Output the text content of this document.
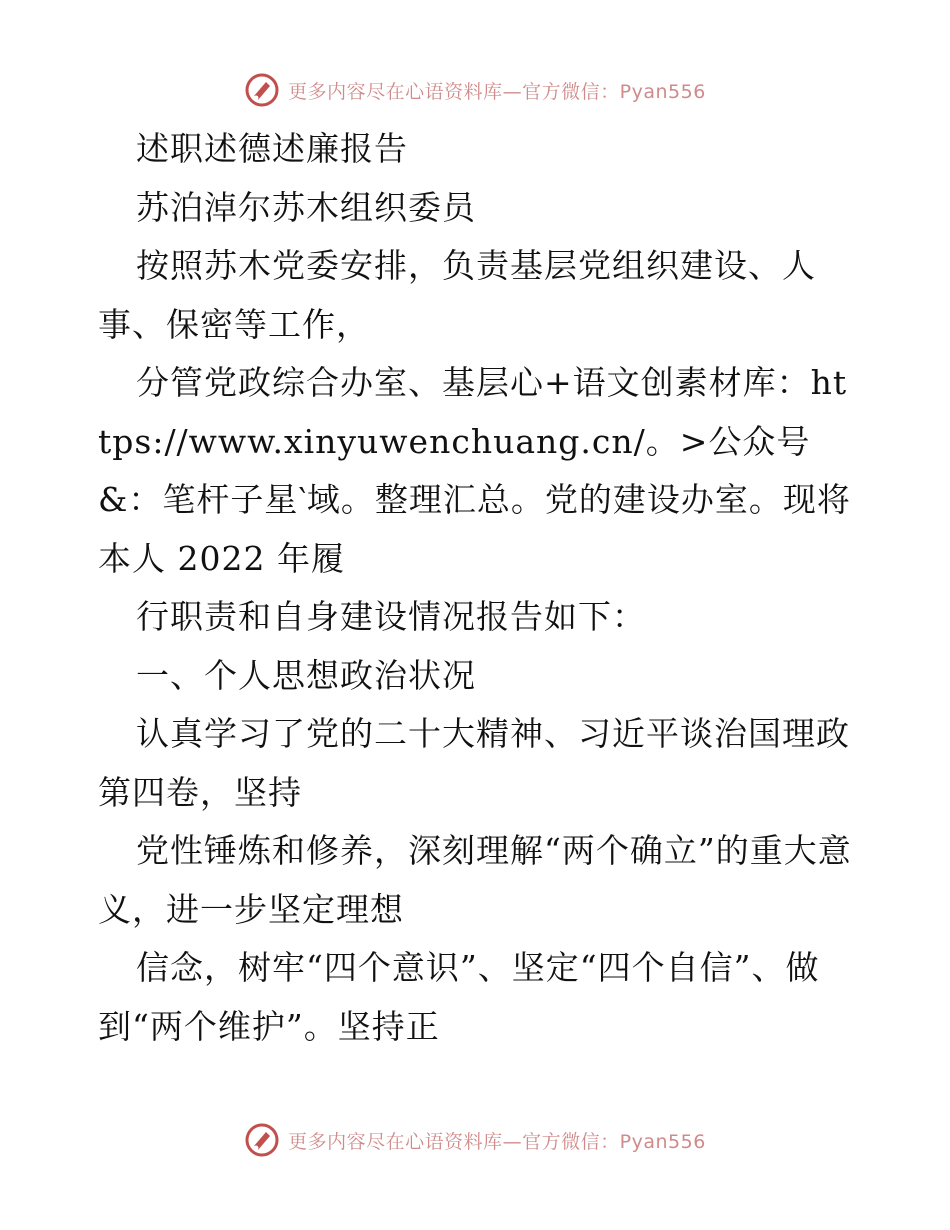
更多内容尽在心语资料库—官方微信：Pyan556

述职述德述廉报告

苏泊淖尔苏木组织委员

按照苏木党委安排，负责基层党组织建设、人事、保密等工作，

分管党政综合办室、基层心+语文创素材库：https://www.xinyuwenchuang.cn/。>公众号&：笔杆子星‵域。整理汇总。党的建设办室。现将本人 2022 年履

行职责和自身建设情况报告如下：

一、个人思想政治状况

认真学习了党的二十大精神、习近平谈治国理政第四卷，坚持

党性锤炼和修养，深刻理解“两个确立”的重大意义，进一步坚定理想

信念，树牢“四个意识”、坚定“四个自信”、做到“两个维护”。坚持正

更多内容尽在心语资料库—官方微信：Pyan556
